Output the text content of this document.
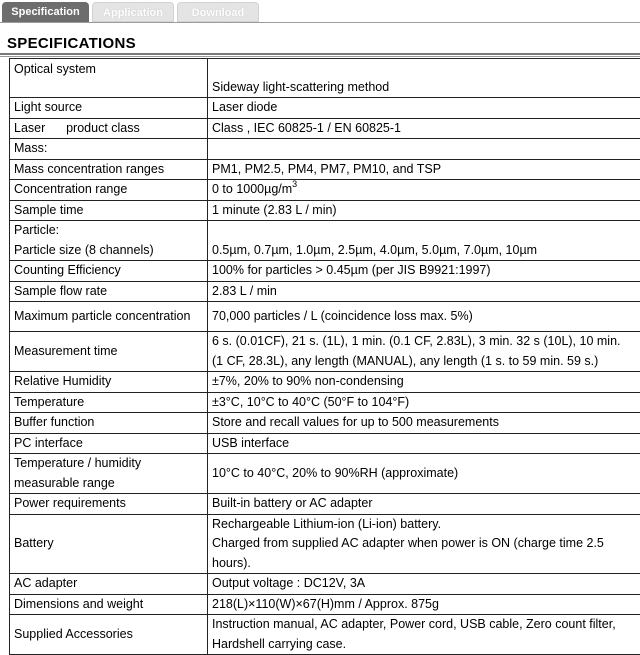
Specification	Application	Download
SPECIFICATIONS
Optical system	Sideway light-scattering method
Light source	Laser diode
Laser      product class	Class , IEC 60825-1 / EN 60825-1
Mass:	
Mass concentration ranges	PM1, PM2.5, PM4, PM7, PM10, and TSP
Concentration range	0 to $1000\mu g/m^3$
Sample time	1 minute (2.83 L / min)

Particle:
Particle size (8 channels)	0.5µm, 0.7µm, 1.0µm, 2.5µm, 4.0µm, 5.0µm, 7.0µm, 10µm
Counting Efficiency	100% for particles > 0.45µm (per JIS B9921:1997)
Sample flow rate	2.83 L / min
Maximum particle concentration	70,000 particles / L (coincidence loss max. 5%)
Measurement time	6 s. (0.01CF), 21 s. (1L), 1 min. (0.1 CF, 2.83L), 3 min. 32 s (10L), 10 min.
(1 CF, 28.3L), any length (MANUAL), any length (1 s. to 59 min. 59 s.)

Relative Humidity	±7%, 20% to 90% non-condensing
Temperature	±3°C, 10°C to 40°C (50°F to 104°F)
Buffer function	Store and recall values for up to 500 measurements
PC interface	USB interface

Temperature / humidity
measurable range	10°C to 40°C, 20% to 90%RH (approximate)
Power requirements	Built-in battery or AC adapter
Battery	Rechargeable Lithium-ion (Li-ion) battery.
Charged from supplied AC adapter when power is ON (charge time 2.5
hours).

AC adapter	Output voltage : DC12V, 3A
Dimensions and weight	218(L)×110(W)×67(H)mm / Approx. 875g
Supplied Accessories	Instruction manual, AC adapter, Power cord, USB cable, Zero count filter,
Hardshell carrying case.
